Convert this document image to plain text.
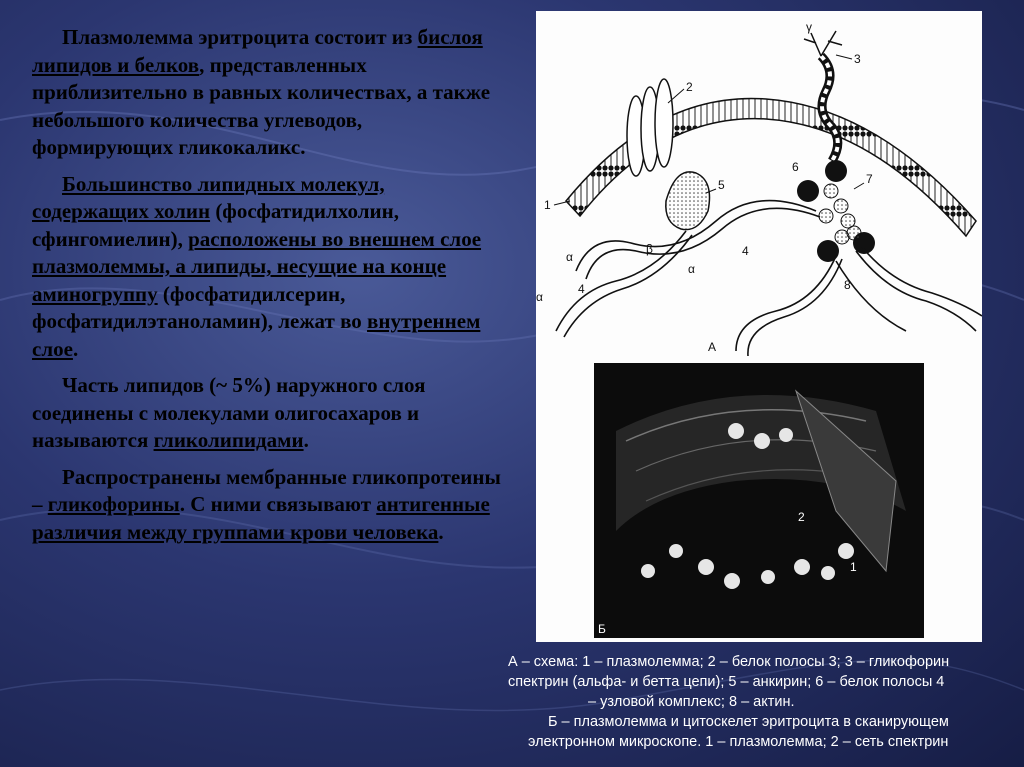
Плазмолемма эритроцита состоит из бислоя липидов и белков, представленных приблизительно в равных количествах, а также небольшого количества углеводов, формирующих гликокаликс.

Большинство липидных молекул, содержащих холин (фосфатидилхолин, сфингомиелин), расположены во внешнем слое плазмолеммы, а липиды, несущие на конце аминогруппу (фосфатидилсерин, фосфатидилэтаноламин), лежат во внутреннем слое.

Часть липидов (~ 5%) наружного слоя соединены с молекулами олигосахаров и называются гликолипидами.

Распространены мембранные гликопротеины – гликофорины. С ними связывают антигенные различия между группами крови человека.

2
3
1
5
6
7
4
8
4
β
α
α
α
γ
А
2
1
Б
А – схема: 1 – плазмолемма; 2 – белок полосы 3; 3 – гликофорин
спектрин (альфа- и бетта цепи); 5 – анкирин; 6 – белок полосы 4
– узловой комплекс; 8 – актин.
Б – плазмолемма и цитоскелет эритроцита в сканирующем
электронном микроскопе. 1 – плазмолемма; 2 – сеть спектрин
